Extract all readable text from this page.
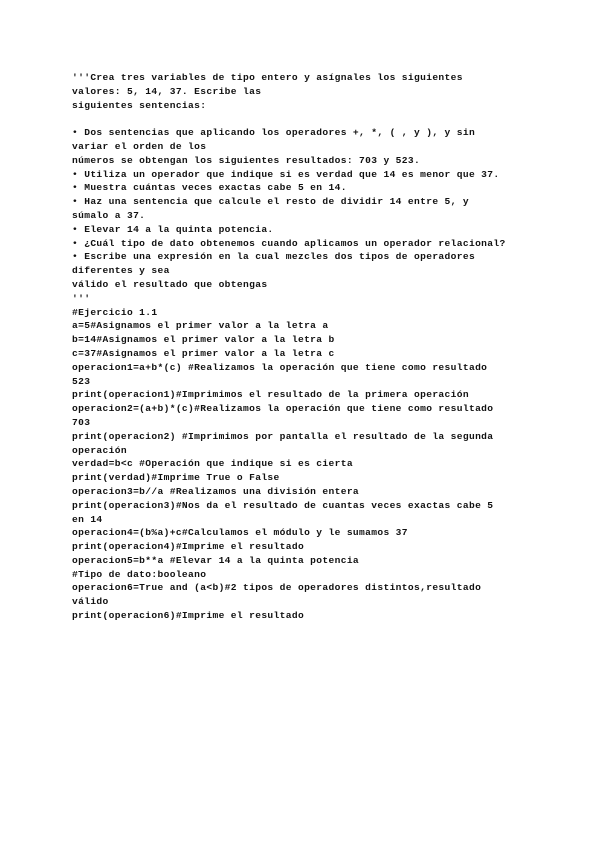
'''Crea tres variables de tipo entero y asígnales los siguientes
valores: 5, 14, 37. Escribe las
siguientes sentencias:
• Dos sentencias que aplicando los operadores +, *, ( , y ), y sin
variar el orden de los
números se obtengan los siguientes resultados: 703 y 523.
• Utiliza un operador que indique si es verdad que 14 es menor que 37.
• Muestra cuántas veces exactas cabe 5 en 14.
• Haz una sentencia que calcule el resto de dividir 14 entre 5, y
súmalo a 37.
• Elevar 14 a la quinta potencia.
• ¿Cuál tipo de dato obtenemos cuando aplicamos un operador relacional?
• Escribe una expresión en la cual mezcles dos tipos de operadores
diferentes y sea
válido el resultado que obtengas
'''
#Ejercicio 1.1
a=5#Asignamos el primer valor a la letra a
b=14#Asignamos el primer valor a la letra b
c=37#Asignamos el primer valor a la letra c
operacion1=a+b*(c) #Realizamos la operación que tiene como resultado
523
print(operacion1)#Imprimimos el resultado de la primera operación
operacion2=(a+b)*(c)#Realizamos la operación que tiene como resultado
703
print(operacion2) #Imprimimos por pantalla el resultado de la segunda
operación
verdad=b<c #Operación que indique si es cierta
print(verdad)#Imprime True o False
operacion3=b//a #Realizamos una división entera
print(operacion3)#Nos da el resultado de cuantas veces exactas cabe 5
en 14
operacion4=(b%a)+c#Calculamos el módulo y le sumamos 37
print(operacion4)#Imprime el resultado
operacion5=b**a #Elevar 14 a la quinta potencia
#Tipo de dato:booleano
operacion6=True and (a<b)#2 tipos de operadores distintos,resultado
válido
print(operacion6)#Imprime el resultado
